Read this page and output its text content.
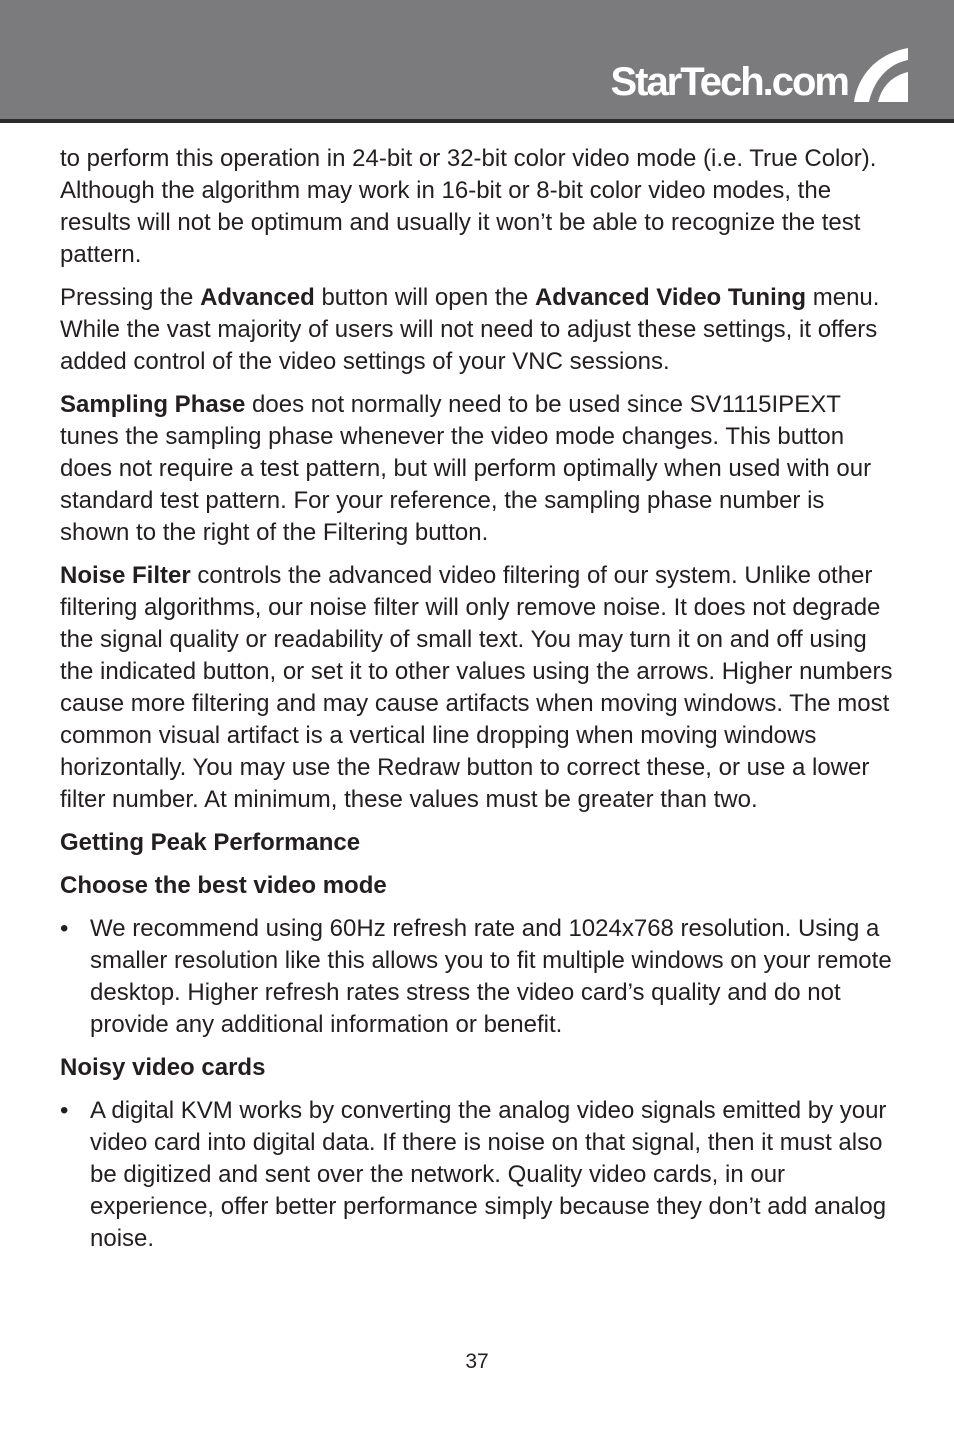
StarTech.com

to perform this operation in 24-bit or 32-bit color video mode (i.e. True Color). Although the algorithm may work in 16-bit or 8-bit color video modes, the results will not be optimum and usually it won’t be able to recognize the test pattern.

Pressing the Advanced button will open the Advanced Video Tuning menu. While the vast majority of users will not need to adjust these settings, it offers added control of the video settings of your VNC sessions.

Sampling Phase does not normally need to be used since SV1115IPEXT tunes the sampling phase whenever the video mode changes. This button does not require a test pattern, but will perform optimally when used with our standard test pattern. For your reference, the sampling phase number is shown to the right of the Filtering button.

Noise Filter controls the advanced video filtering of our system. Unlike other filtering algorithms, our noise filter will only remove noise. It does not degrade the signal quality or readability of small text. You may turn it on and off using the indicated button, or set it to other values using the arrows. Higher numbers cause more filtering and may cause artifacts when moving windows. The most common visual artifact is a vertical line dropping when moving windows horizontally. You may use the Redraw button to correct these, or use a lower filter number. At minimum, these values must be greater than two.

Getting Peak Performance
Choose the best video mode
• We recommend using 60Hz refresh rate and 1024x768 resolution. Using a smaller resolution like this allows you to fit multiple windows on your remote desktop. Higher refresh rates stress the video card’s quality and do not provide any additional information or benefit.
Noisy video cards
• A digital KVM works by converting the analog video signals emitted by your video card into digital data. If there is noise on that signal, then it must also be digitized and sent over the network. Quality video cards, in our experience, offer better performance simply because they don’t add analog noise.
37
